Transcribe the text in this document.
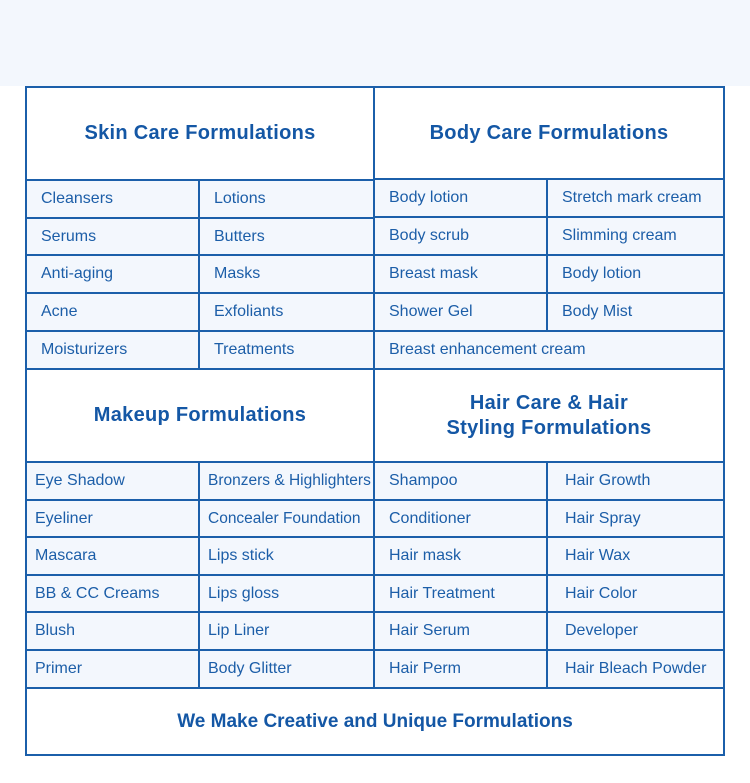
Skin Care Formulations	Body Care Formulations
Cleansers
Serums
Anti-aging
Acne
Moisturizers
Lotions
Butters
Masks
Exfoliants
Treatments
Body lotion
Body scrub
Breast mask
Shower Gel
Stretch mark cream
Slimming cream
Body lotion
Body Mist
Breast enhancement cream
Makeup Formulations
Hair Care & Hair
Styling Formulations
Eye Shadow
Eyeliner
Mascara
BB & CC Creams
Blush
Primer
Bronzers & Highlighters
Concealer Foundation
Lips stick
Lips gloss
Lip Liner
Body Glitter
Shampoo
Conditioner
Hair mask
Hair Treatment
Hair Serum
Hair Perm
Hair Growth
Hair Spray
Hair Wax
Hair Color
Developer
Hair Bleach Powder
We Make Creative and Unique Formulations
